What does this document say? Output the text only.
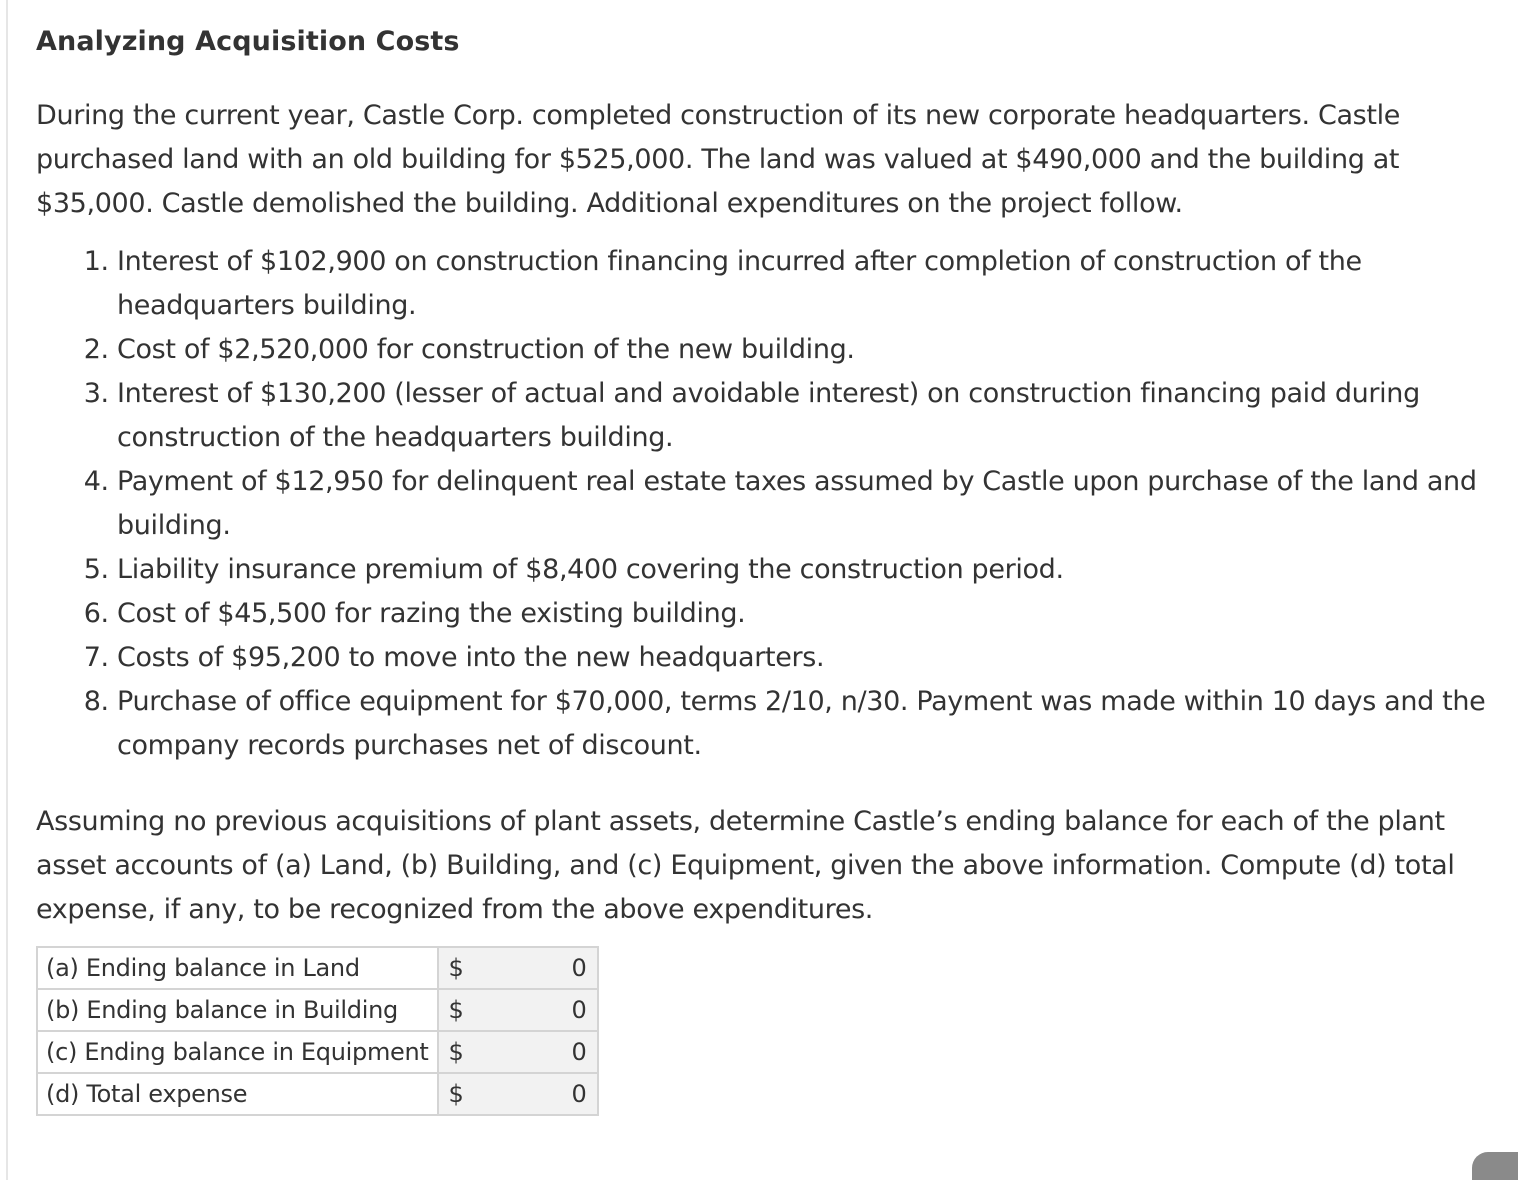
Analyzing Acquisition Costs

During the current year, Castle Corp. completed construction of its new corporate headquarters. Castle purchased land with an old building for $525,000. The land was valued at $490,000 and the building at $35,000. Castle demolished the building. Additional expenditures on the project follow.

1. Interest of $102,900 on construction financing incurred after completion of construction of the headquarters building.
2. Cost of $2,520,000 for construction of the new building.
3. Interest of $130,200 (lesser of actual and avoidable interest) on construction financing paid during construction of the headquarters building.
4. Payment of $12,950 for delinquent real estate taxes assumed by Castle upon purchase of the land and building.
5. Liability insurance premium of $8,400 covering the construction period.
6. Cost of $45,500 for razing the existing building.
7. Costs of $95,200 to move into the new headquarters.
8. Purchase of office equipment for $70,000, terms 2/10, n/30. Payment was made within 10 days and the company records purchases net of discount.

Assuming no previous acquisitions of plant assets, determine Castle’s ending balance for each of the plant asset accounts of (a) Land, (b) Building, and (c) Equipment, given the above information. Compute (d) total expense, if any, to be recognized from the above expenditures.

(a) Ending balance in Land	$ 0

(b) Ending balance in Building	$ 0

(c) Ending balance in Equipment	$ 0

(d) Total expense	$ 0
